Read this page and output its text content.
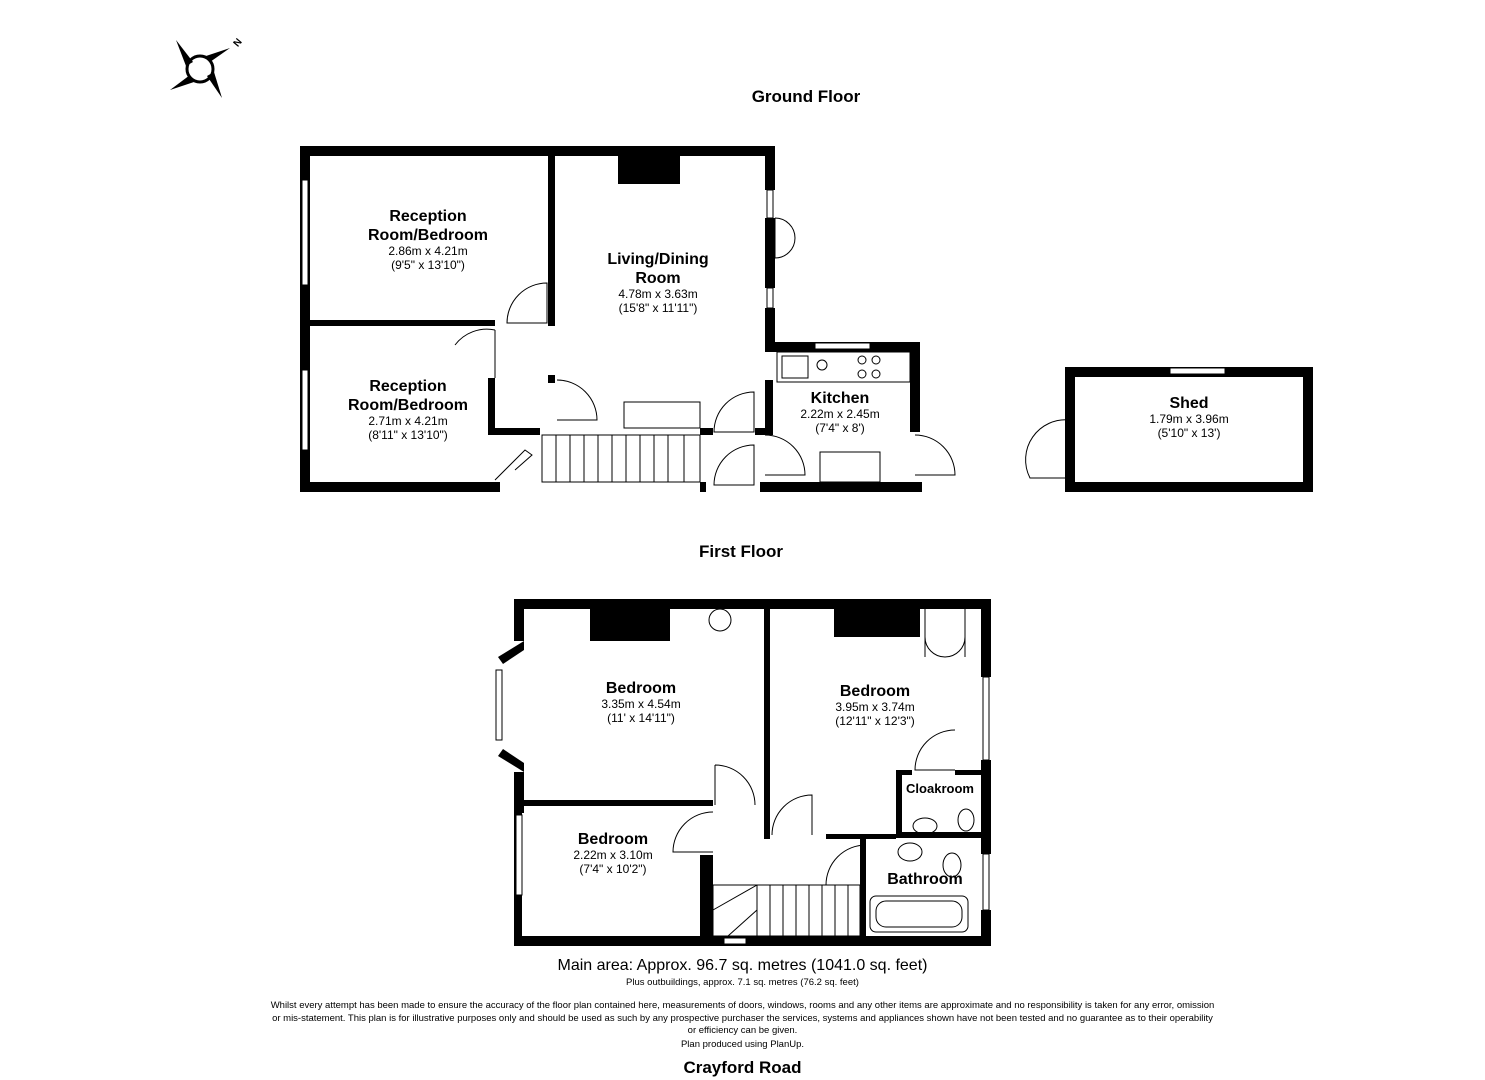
N
Ground Floor
First Floor
Reception
Room/Bedroom
2.86m x 4.21m
(9'5" x 13'10")
Reception
Room/Bedroom
2.71m x 4.21m
(8'11" x 13'10")
Living/Dining
Room
4.78m x 3.63m
(15'8" x 11'11")
Kitchen
2.22m x 2.45m
(7'4" x 8')
Shed
1.79m x 3.96m
(5'10" x 13')
Bedroom
3.35m x 4.54m
(11' x 14'11")
Bedroom
3.95m x 3.74m
(12'11" x 12'3")
Bedroom
2.22m x 3.10m
(7'4" x 10'2")
Cloakroom
Bathroom
Main area: Approx. 96.7 sq. metres (1041.0 sq. feet)
Plus outbuildings, approx. 7.1 sq. metres (76.2 sq. feet)
Whilst every attempt has been made to ensure the accuracy of the floor plan contained here, measurements of doors, windows, rooms and any other items are approximate and no responsibility is taken for any error, omission or mis-statement. This plan is for illustrative purposes only and should be used as such by any prospective purchaser the services, systems and appliances shown have not been tested and no guarantee as to their operability or efficiency can be given.
Plan produced using PlanUp.
Crayford Road
